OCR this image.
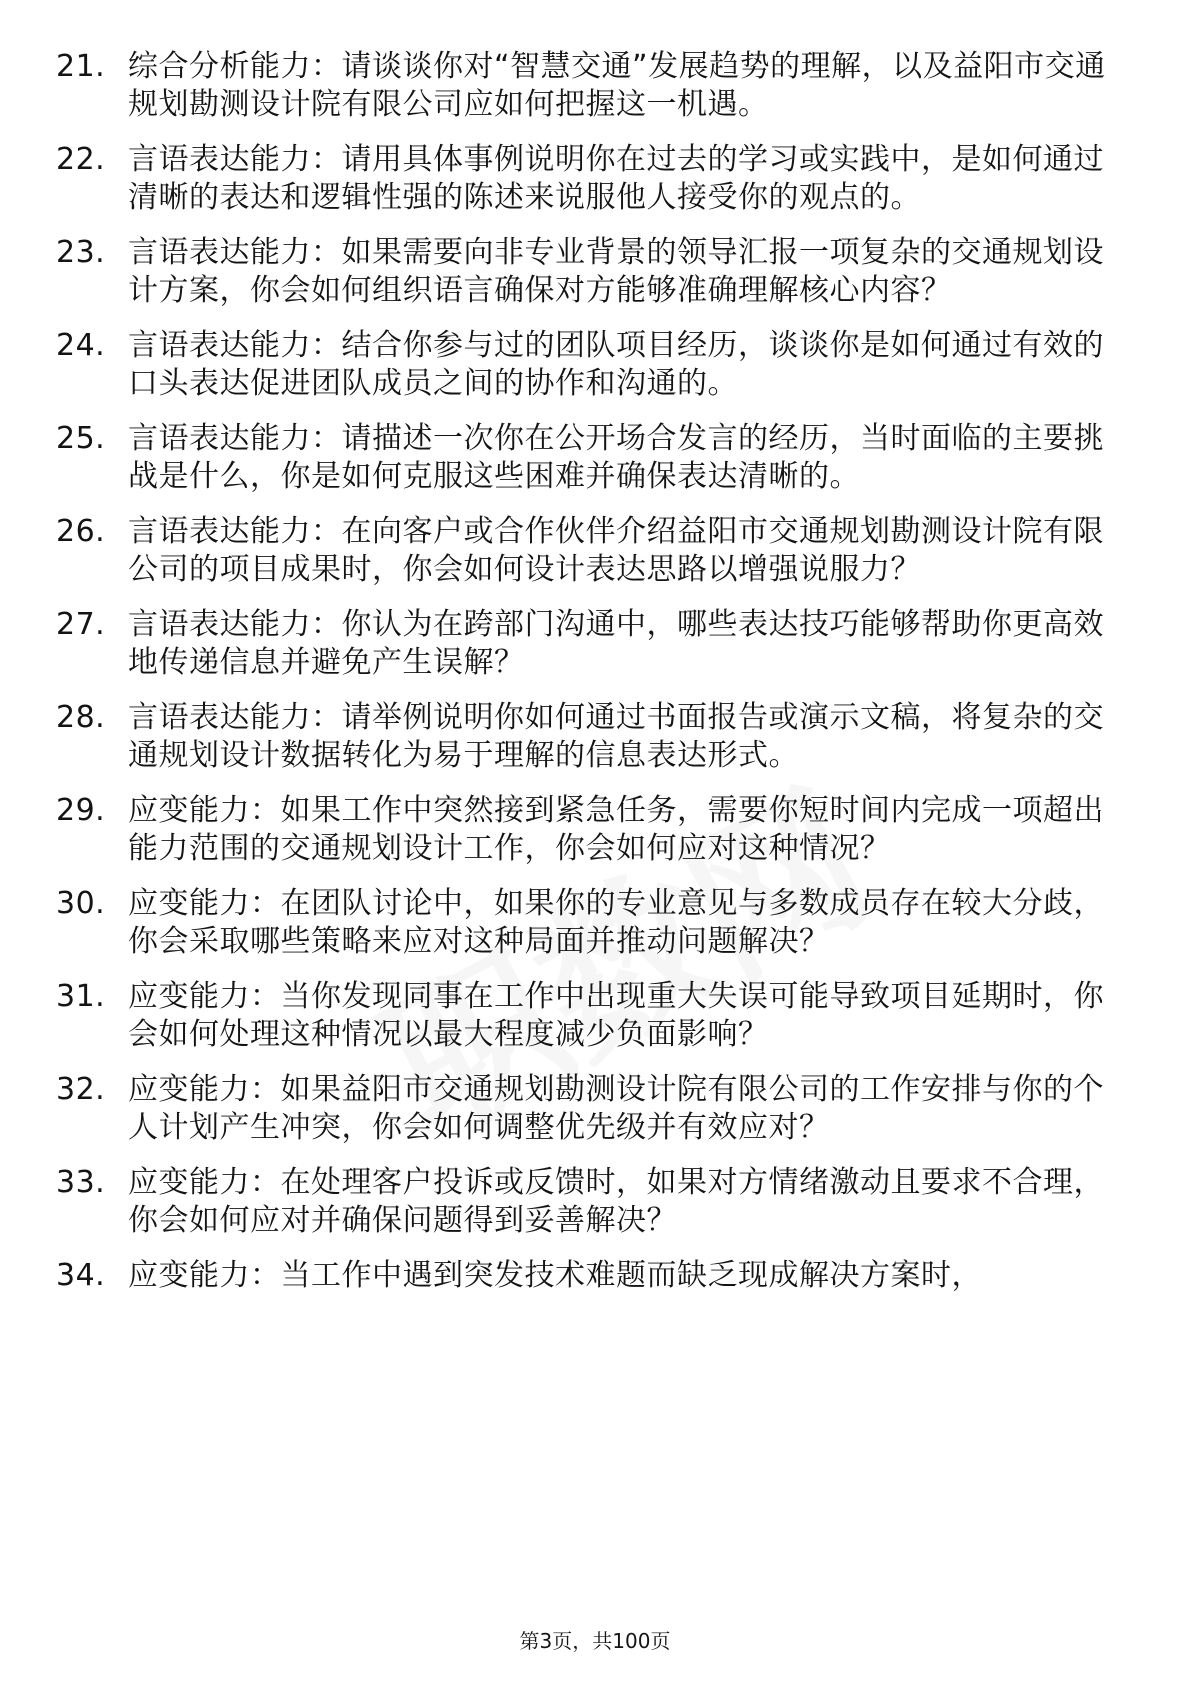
21. 综合分析能力：请谈谈你对“智慧交通”发展趋势的理解，以及益阳市交通规划勘测设计院有限公司应如何把握这一机遇。
22. 言语表达能力：请用具体事例说明你在过去的学习或实践中，是如何通过清晰的表达和逻辑性强的陈述来说服他人接受你的观点的。
23. 言语表达能力：如果需要向非专业背景的领导汇报一项复杂的交通规划设计方案，你会如何组织语言确保对方能够准确理解核心内容？
24. 言语表达能力：结合你参与过的团队项目经历，谈谈你是如何通过有效的口头表达促进团队成员之间的协作和沟通的。
25. 言语表达能力：请描述一次你在公开场合发言的经历，当时面临的主要挑战是什么，你是如何克服这些困难并确保表达清晰的。
26. 言语表达能力：在向客户或合作伙伴介绍益阳市交通规划勘测设计院有限公司的项目成果时，你会如何设计表达思路以增强说服力？
27. 言语表达能力：你认为在跨部门沟通中，哪些表达技巧能够帮助你更高效地传递信息并避免产生误解？
28. 言语表达能力：请举例说明你如何通过书面报告或演示文稿，将复杂的交通规划设计数据转化为易于理解的信息表达形式。
29. 应变能力：如果工作中突然接到紧急任务，需要你短时间内完成一项超出能力范围的交通规划设计工作，你会如何应对这种情况？
30. 应变能力：在团队讨论中，如果你的专业意见与多数成员存在较大分歧，你会采取哪些策略来应对这种局面并推动问题解决？
31. 应变能力：当你发现同事在工作中出现重大失误可能导致项目延期时，你会如何处理这种情况以最大程度减少负面影响？
32. 应变能力：如果益阳市交通规划勘测设计院有限公司的工作安排与你的个人计划产生冲突，你会如何调整优先级并有效应对？
33. 应变能力：在处理客户投诉或反馈时，如果对方情绪激动且要求不合理，你会如何应对并确保问题得到妥善解决？
34. 应变能力：当工作中遇到突发技术难题而缺乏现成解决方案时，
第3页，共100页
